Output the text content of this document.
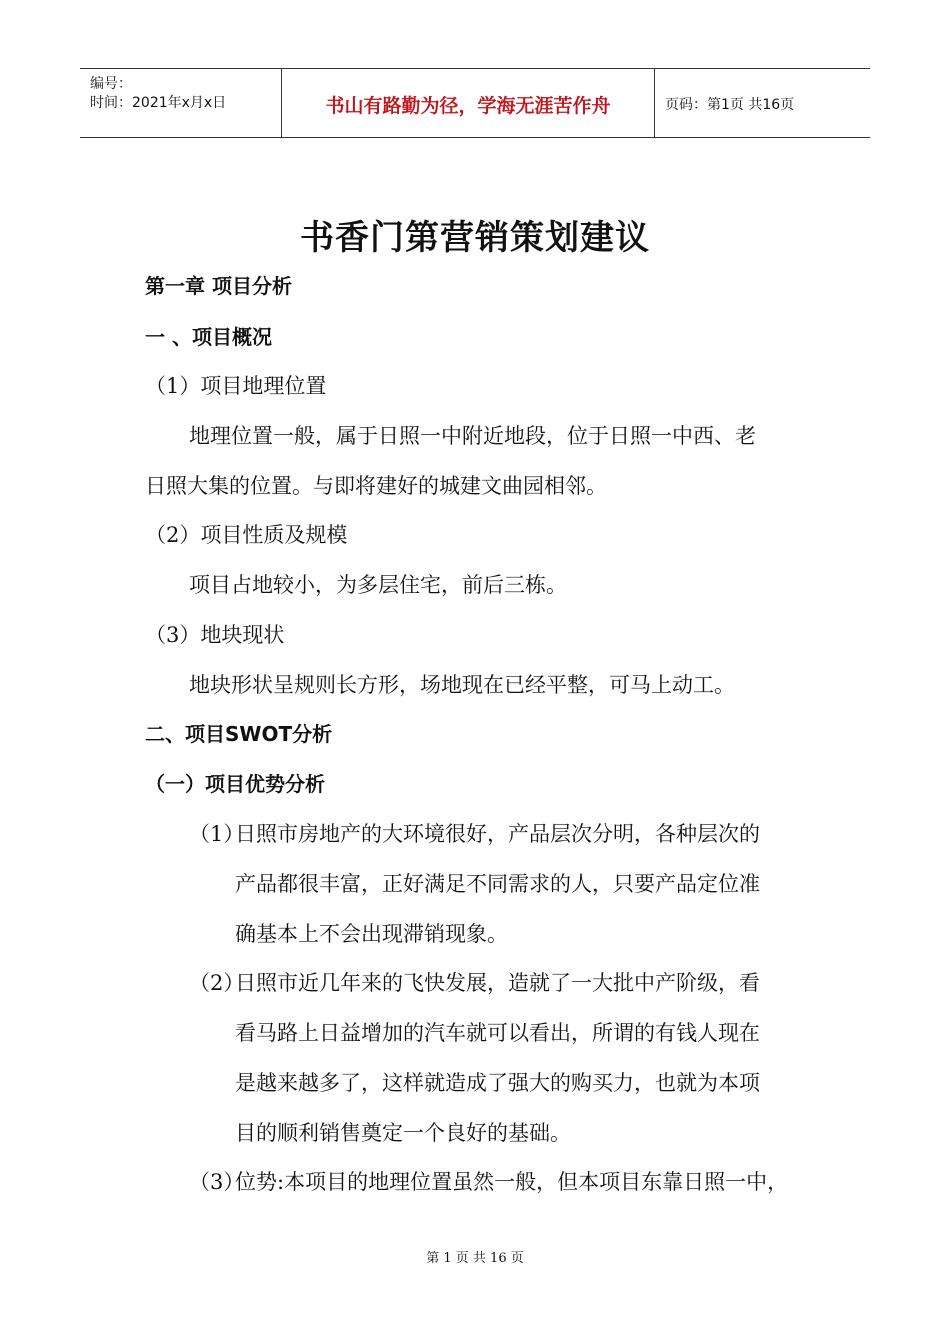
编号：
时间：2021年x月x日	书山有路勤为径，学海无涯苦作舟	页码：第1页 共16页
书香门第营销策划建议
第一章 项目分析
一 、项目概况
（1）项目地理位置
地理位置一般，属于日照一中附近地段，位于日照一中西、老
日照大集的位置。与即将建好的城建文曲园相邻。
（2）项目性质及规模
项目占地较小，为多层住宅，前后三栋。
（3）地块现状
地块形状呈规则长方形，场地现在已经平整，可马上动工。
二、项目SWOT分析
（一）项目优势分析
（1）
日照市房地产的大环境很好，产品层次分明，各种层次的
产品都很丰富，正好满足不同需求的人，只要产品定位准
确基本上不会出现滞销现象。
（2）
日照市近几年来的飞快发展，造就了一大批中产阶级，看
看马路上日益增加的汽车就可以看出，所谓的有钱人现在
是越来越多了，这样就造成了强大的购买力，也就为本项
目的顺利销售奠定一个良好的基础。
（3）
位势:本项目的地理位置虽然一般，但本项目东靠日照一中，
第 1 页 共 16 页
